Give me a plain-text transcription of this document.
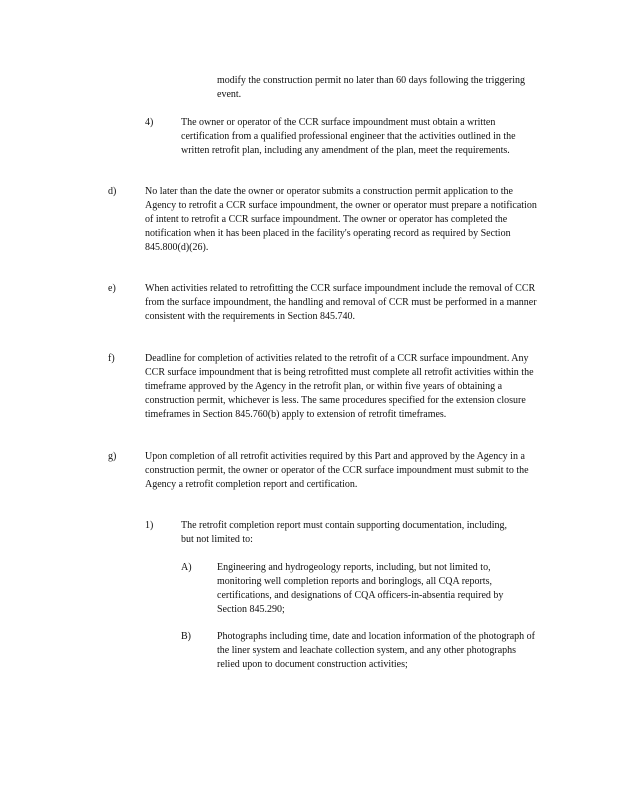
modify the construction permit no later than 60 days following the triggering event.
4)	The owner or operator of the CCR surface impoundment must obtain a written certification from a qualified professional engineer that the activities outlined in the written retrofit plan, including any amendment of the plan, meet the requirements.
d)	No later than the date the owner or operator submits a construction permit application to the Agency to retrofit a CCR surface impoundment, the owner or operator must prepare a notification of intent to retrofit a CCR surface impoundment. The owner or operator has completed the notification when it has been placed in the facility's operating record as required by Section 845.800(d)(26).
e)	When activities related to retrofitting the CCR surface impoundment include the removal of CCR from the surface impoundment, the handling and removal of CCR must be performed in a manner consistent with the requirements in Section 845.740.
f)	Deadline for completion of activities related to the retrofit of a CCR surface impoundment. Any CCR surface impoundment that is being retrofitted must complete all retrofit activities within the timeframe approved by the Agency in the retrofit plan, or within five years of obtaining a construction permit, whichever is less. The same procedures specified for the extension closure timeframes in Section 845.760(b) apply to extension of retrofit timeframes.
g)	Upon completion of all retrofit activities required by this Part and approved by the Agency in a construction permit, the owner or operator of the CCR surface impoundment must submit to the Agency a retrofit completion report and certification.
1)	The retrofit completion report must contain supporting documentation, including, but not limited to:
A)	Engineering and hydrogeology reports, including, but not limited to, monitoring well completion reports and boringlogs, all CQA reports, certifications, and designations of CQA officers-in-absentia required by Section 845.290;
B)	Photographs including time, date and location information of the photograph of the liner system and leachate collection system, and any other photographs relied upon to document construction activities;
